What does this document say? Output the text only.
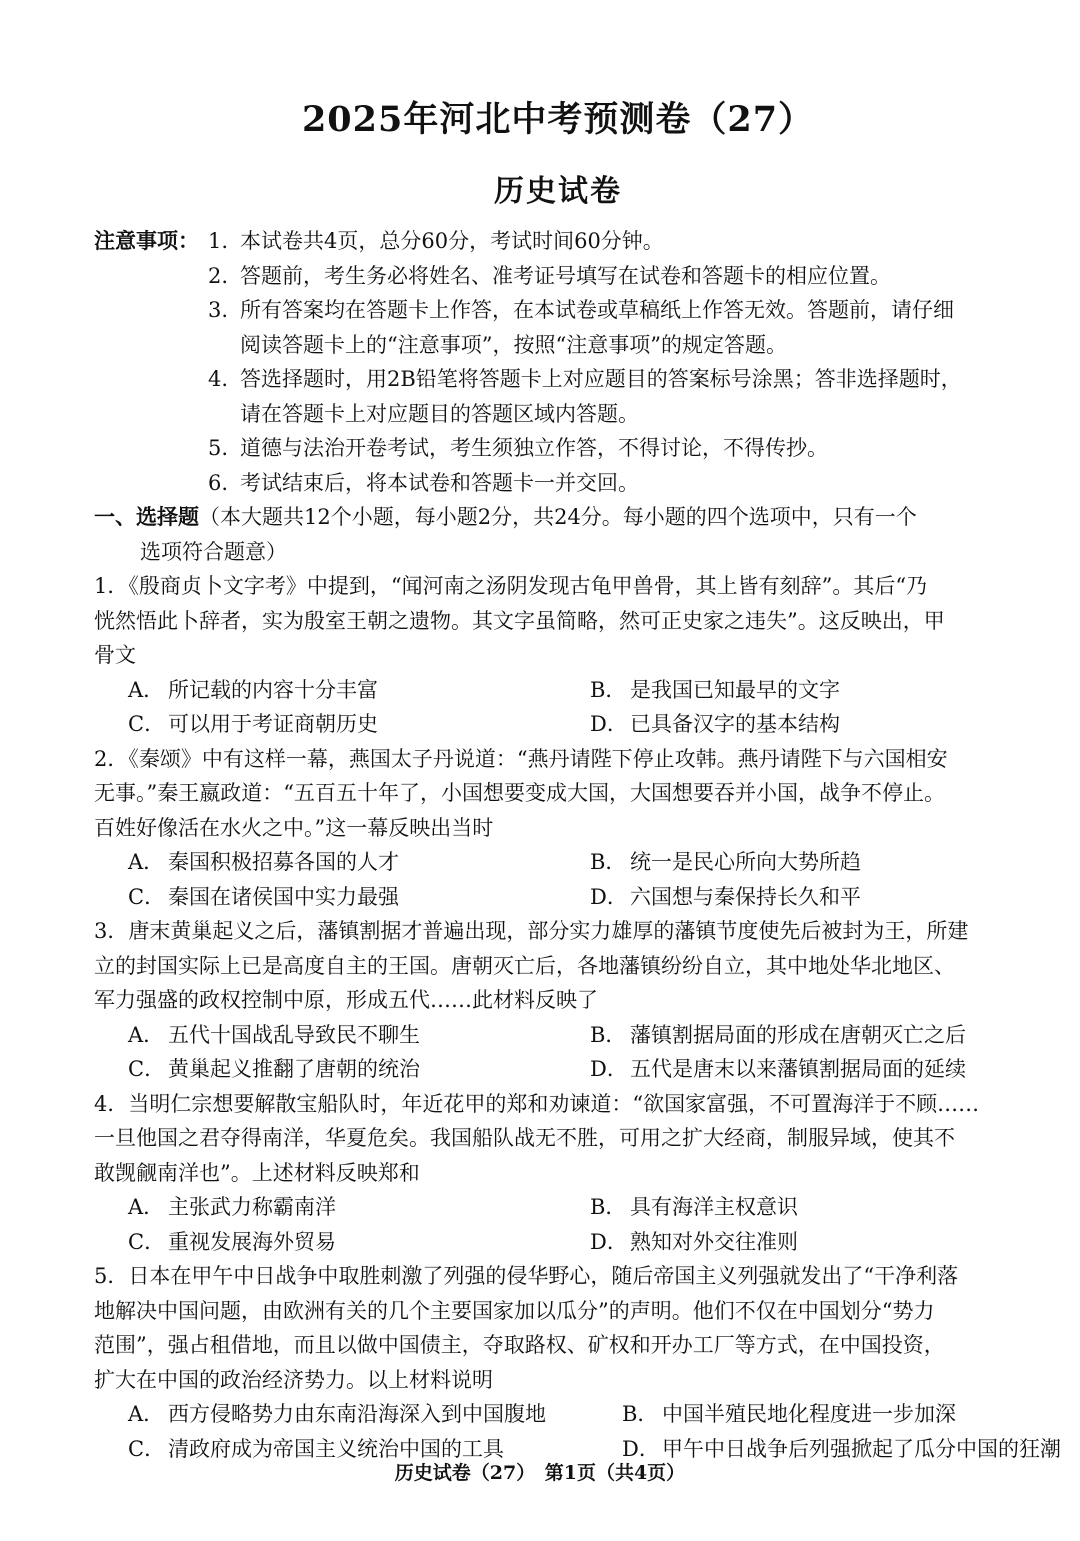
2025年河北中考预测卷（27）
历史试卷
注意事项： 1. 本试卷共4页，总分60分，考试时间60分钟。
2. 答题前，考生务必将姓名、准考证号填写在试卷和答题卡的相应位置。
3. 所有答案均在答题卡上作答，在本试卷或草稿纸上作答无效。答题前，请仔细
阅读答题卡上的“注意事项”，按照“注意事项”的规定答题。
4. 答选择题时，用2B铅笔将答题卡上对应题目的答案标号涂黑；答非选择题时，
请在答题卡上对应题目的答题区域内答题。
5. 道德与法治开卷考试，考生须独立作答，不得讨论，不得传抄。
6. 考试结束后，将本试卷和答题卡一并交回。
一、选择题（本大题共12个小题，每小题2分，共24分。每小题的四个选项中，只有一个
选项符合题意）
1．《殷商贞卜文字考》中提到，“闻河南之汤阴发现古龟甲兽骨，其上皆有刻辞”。其后“乃
恍然悟此卜辞者，实为殷室王朝之遗物。其文字虽简略，然可正史家之违失”。这反映出，甲
骨文
A． 所记载的内容十分丰富	B． 是我国已知最早的文字
C． 可以用于考证商朝历史	D． 已具备汉字的基本结构
2．《秦颂》中有这样一幕，燕国太子丹说道：“燕丹请陛下停止攻韩。燕丹请陛下与六国相安
无事。”秦王嬴政道：“五百五十年了，小国想要变成大国，大国想要吞并小国，战争不停止。
百姓好像活在水火之中。”这一幕反映出当时
A． 秦国积极招募各国的人才	B． 统一是民心所向大势所趋
C． 秦国在诸侯国中实力最强	D． 六国想与秦保持长久和平
3．唐末黄巢起义之后，藩镇割据才普遍出现，部分实力雄厚的藩镇节度使先后被封为王，所建
立的封国实际上已是高度自主的王国。唐朝灭亡后，各地藩镇纷纷自立，其中地处华北地区、
军力强盛的政权控制中原，形成五代……此材料反映了
A． 五代十国战乱导致民不聊生	B． 藩镇割据局面的形成在唐朝灭亡之后
C． 黄巢起义推翻了唐朝的统治	D． 五代是唐末以来藩镇割据局面的延续
4．当明仁宗想要解散宝船队时，年近花甲的郑和劝谏道：“欲国家富强，不可置海洋于不顾……
一旦他国之君夺得南洋，华夏危矣。我国船队战无不胜，可用之扩大经商，制服异域，使其不
敢觊觎南洋也”。上述材料反映郑和
A． 主张武力称霸南洋	B． 具有海洋主权意识
C． 重视发展海外贸易	D． 熟知对外交往准则
5．日本在甲午中日战争中取胜刺激了列强的侵华野心，随后帝国主义列强就发出了“干净利落
地解决中国问题，由欧洲有关的几个主要国家加以瓜分”的声明。他们不仅在中国划分“势力
范围”，强占租借地，而且以做中国债主，夺取路权、矿权和开办工厂等方式，在中国投资，
扩大在中国的政治经济势力。以上材料说明
A． 西方侵略势力由东南沿海深入到中国腹地	B． 中国半殖民地化程度进一步加深
C． 清政府成为帝国主义统治中国的工具	D． 甲午中日战争后列强掀起了瓜分中国的狂潮
历史试卷（27）　第1页（共4页）
